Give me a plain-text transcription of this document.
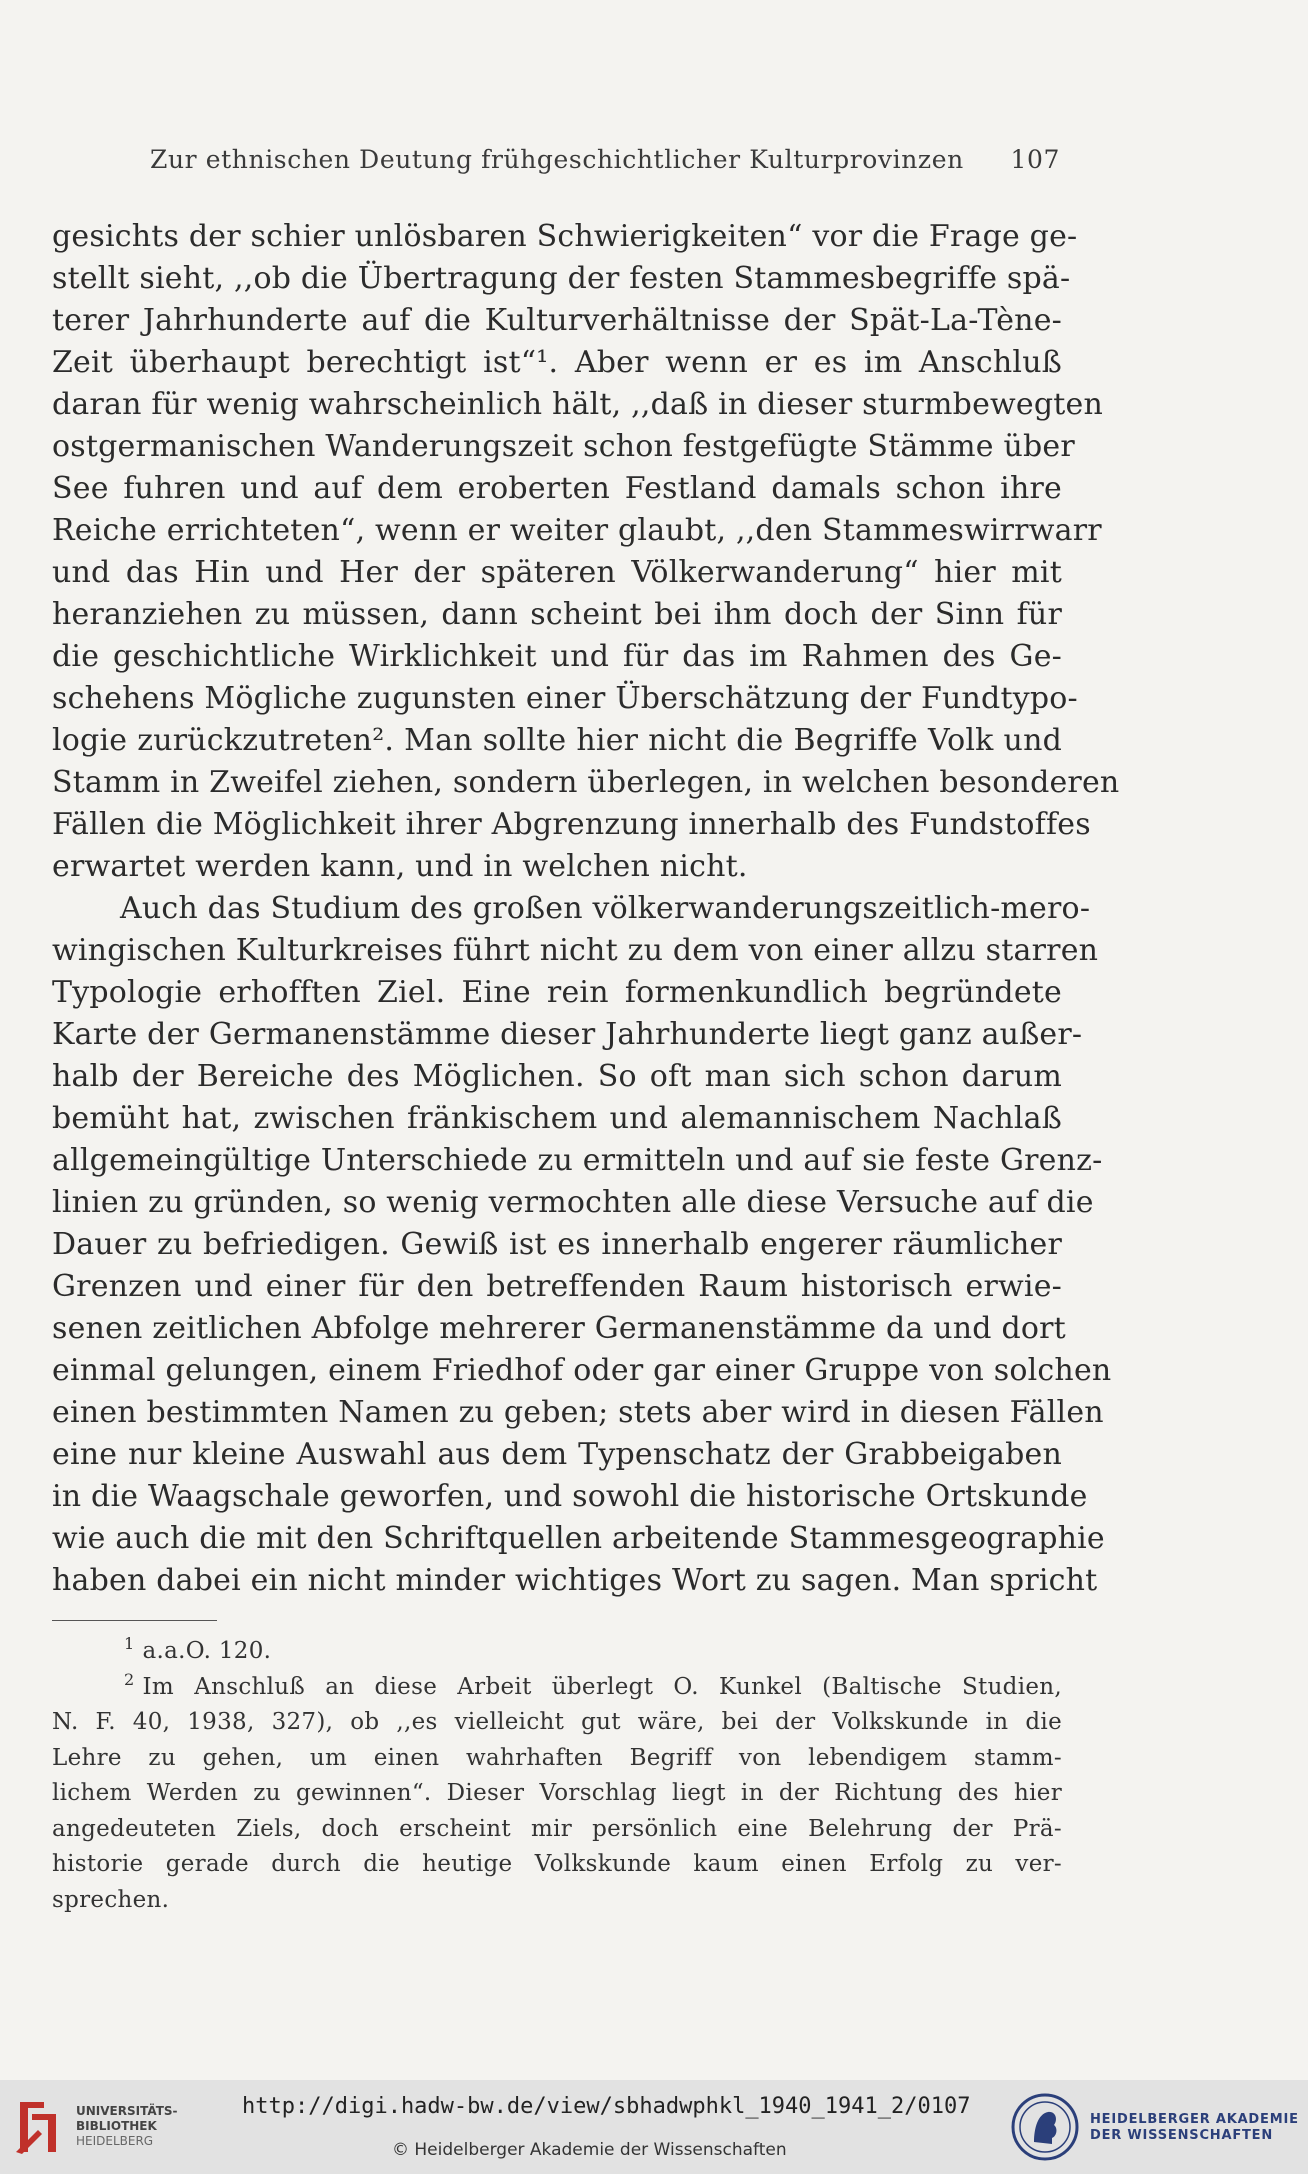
Zur ethnischen Deutung frühgeschichtlicher Kulturprovinzen 107
gesichts der schier unlösbaren Schwierigkeiten“ vor die Frage ge-
stellt sieht, ,,ob die Übertragung der festen Stammesbegriffe spä-
terer Jahrhunderte auf die Kulturverhältnisse der Spät-La-Tène-
Zeit überhaupt berechtigt ist“¹. Aber wenn er es im Anschluß
daran für wenig wahrscheinlich hält, ,,daß in dieser sturmbewegten
ostgermanischen Wanderungszeit schon festgefügte Stämme über
See fuhren und auf dem eroberten Festland damals schon ihre
Reiche errichteten“, wenn er weiter glaubt, ,,den Stammeswirrwarr
und das Hin und Her der späteren Völkerwanderung“ hier mit
heranziehen zu müssen, dann scheint bei ihm doch der Sinn für
die geschichtliche Wirklichkeit und für das im Rahmen des Ge-
schehens Mögliche zugunsten einer Überschätzung der Fundtypo-
logie zurückzutreten². Man sollte hier nicht die Begriffe Volk und
Stamm in Zweifel ziehen, sondern überlegen, in welchen besonderen
Fällen die Möglichkeit ihrer Abgrenzung innerhalb des Fundstoffes
erwartet werden kann, und in welchen nicht.
Auch das Studium des großen völkerwanderungszeitlich-mero-
wingischen Kulturkreises führt nicht zu dem von einer allzu starren
Typologie erhofften Ziel. Eine rein formenkundlich begründete
Karte der Germanenstämme dieser Jahrhunderte liegt ganz außer-
halb der Bereiche des Möglichen. So oft man sich schon darum
bemüht hat, zwischen fränkischem und alemannischem Nachlaß
allgemeingültige Unterschiede zu ermitteln und auf sie feste Grenz-
linien zu gründen, so wenig vermochten alle diese Versuche auf die
Dauer zu befriedigen. Gewiß ist es innerhalb engerer räumlicher
Grenzen und einer für den betreffenden Raum historisch erwie-
senen zeitlichen Abfolge mehrerer Germanenstämme da und dort
einmal gelungen, einem Friedhof oder gar einer Gruppe von solchen
einen bestimmten Namen zu geben; stets aber wird in diesen Fällen
eine nur kleine Auswahl aus dem Typenschatz der Grabbeigaben
in die Waagschale geworfen, und sowohl die historische Ortskunde
wie auch die mit den Schriftquellen arbeitende Stammesgeographie
haben dabei ein nicht minder wichtiges Wort zu sagen. Man spricht
$^1$ a.a.O. 120.
$^2$ Im Anschluß an diese Arbeit überlegt O. Kunkel (Baltische Studien,
N. F. 40, 1938, 327), ob ,,es vielleicht gut wäre, bei der Volkskunde in die
Lehre zu gehen, um einen wahrhaften Begriff von lebendigem stamm-
lichem Werden zu gewinnen“. Dieser Vorschlag liegt in der Richtung des hier
angedeuteten Ziels, doch erscheint mir persönlich eine Belehrung der Prä-
historie gerade durch die heutige Volkskunde kaum einen Erfolg zu ver-
sprechen.
UNIVERSITÄTS-
BIBLIOTHEK
HEIDELBERG
http://digi.hadw-bw.de/view/sbhadwphkl_1940_1941_2/0107
© Heidelberger Akademie der Wissenschaften
HEIDELBERGER AKADEMIE
DER WISSENSCHAFTEN
